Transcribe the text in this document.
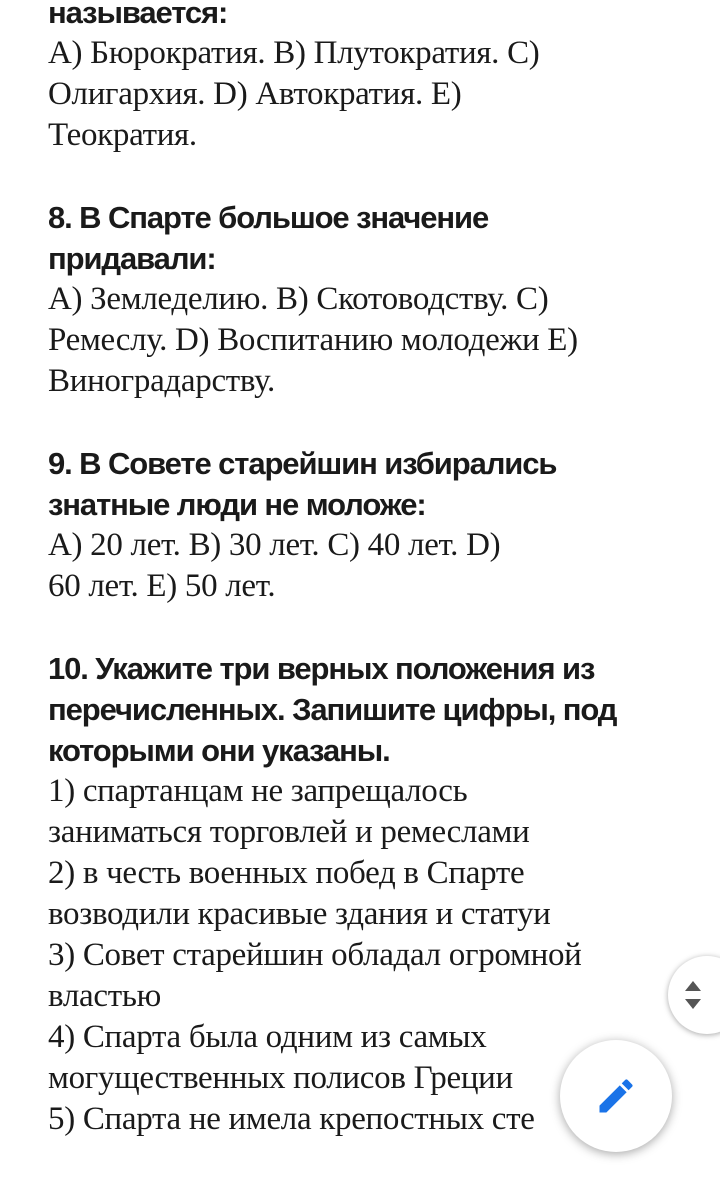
называется:
A) Бюрократия. B) Плутократия. C)
Олигархия. D) Автократия. E)
Теократия.
8. В Спарте большое значение
придавали:
A) Земледелию. B) Скотоводству. C)
Ремеслу. D) Воспитанию молодежи E)
Виноградарству.
9. В Совете старейшин избирались
знатные люди не моложе:
A) 20 лет. B) 30 лет. C) 40 лет. D)
60 лет. E) 50 лет.
10. Укажите три верных положения из
перечисленных. Запишите цифры, под
которыми они указаны.
1) спартанцам не запрещалось
заниматься торговлей и ремеслами
2) в честь военных побед в Спарте
возводили красивые здания и статуи
3) Совет старейшин обладал огромной
властью
4) Спарта была одним из самых
могущественных полисов Греции
5) Спарта не имела крепостных сте
